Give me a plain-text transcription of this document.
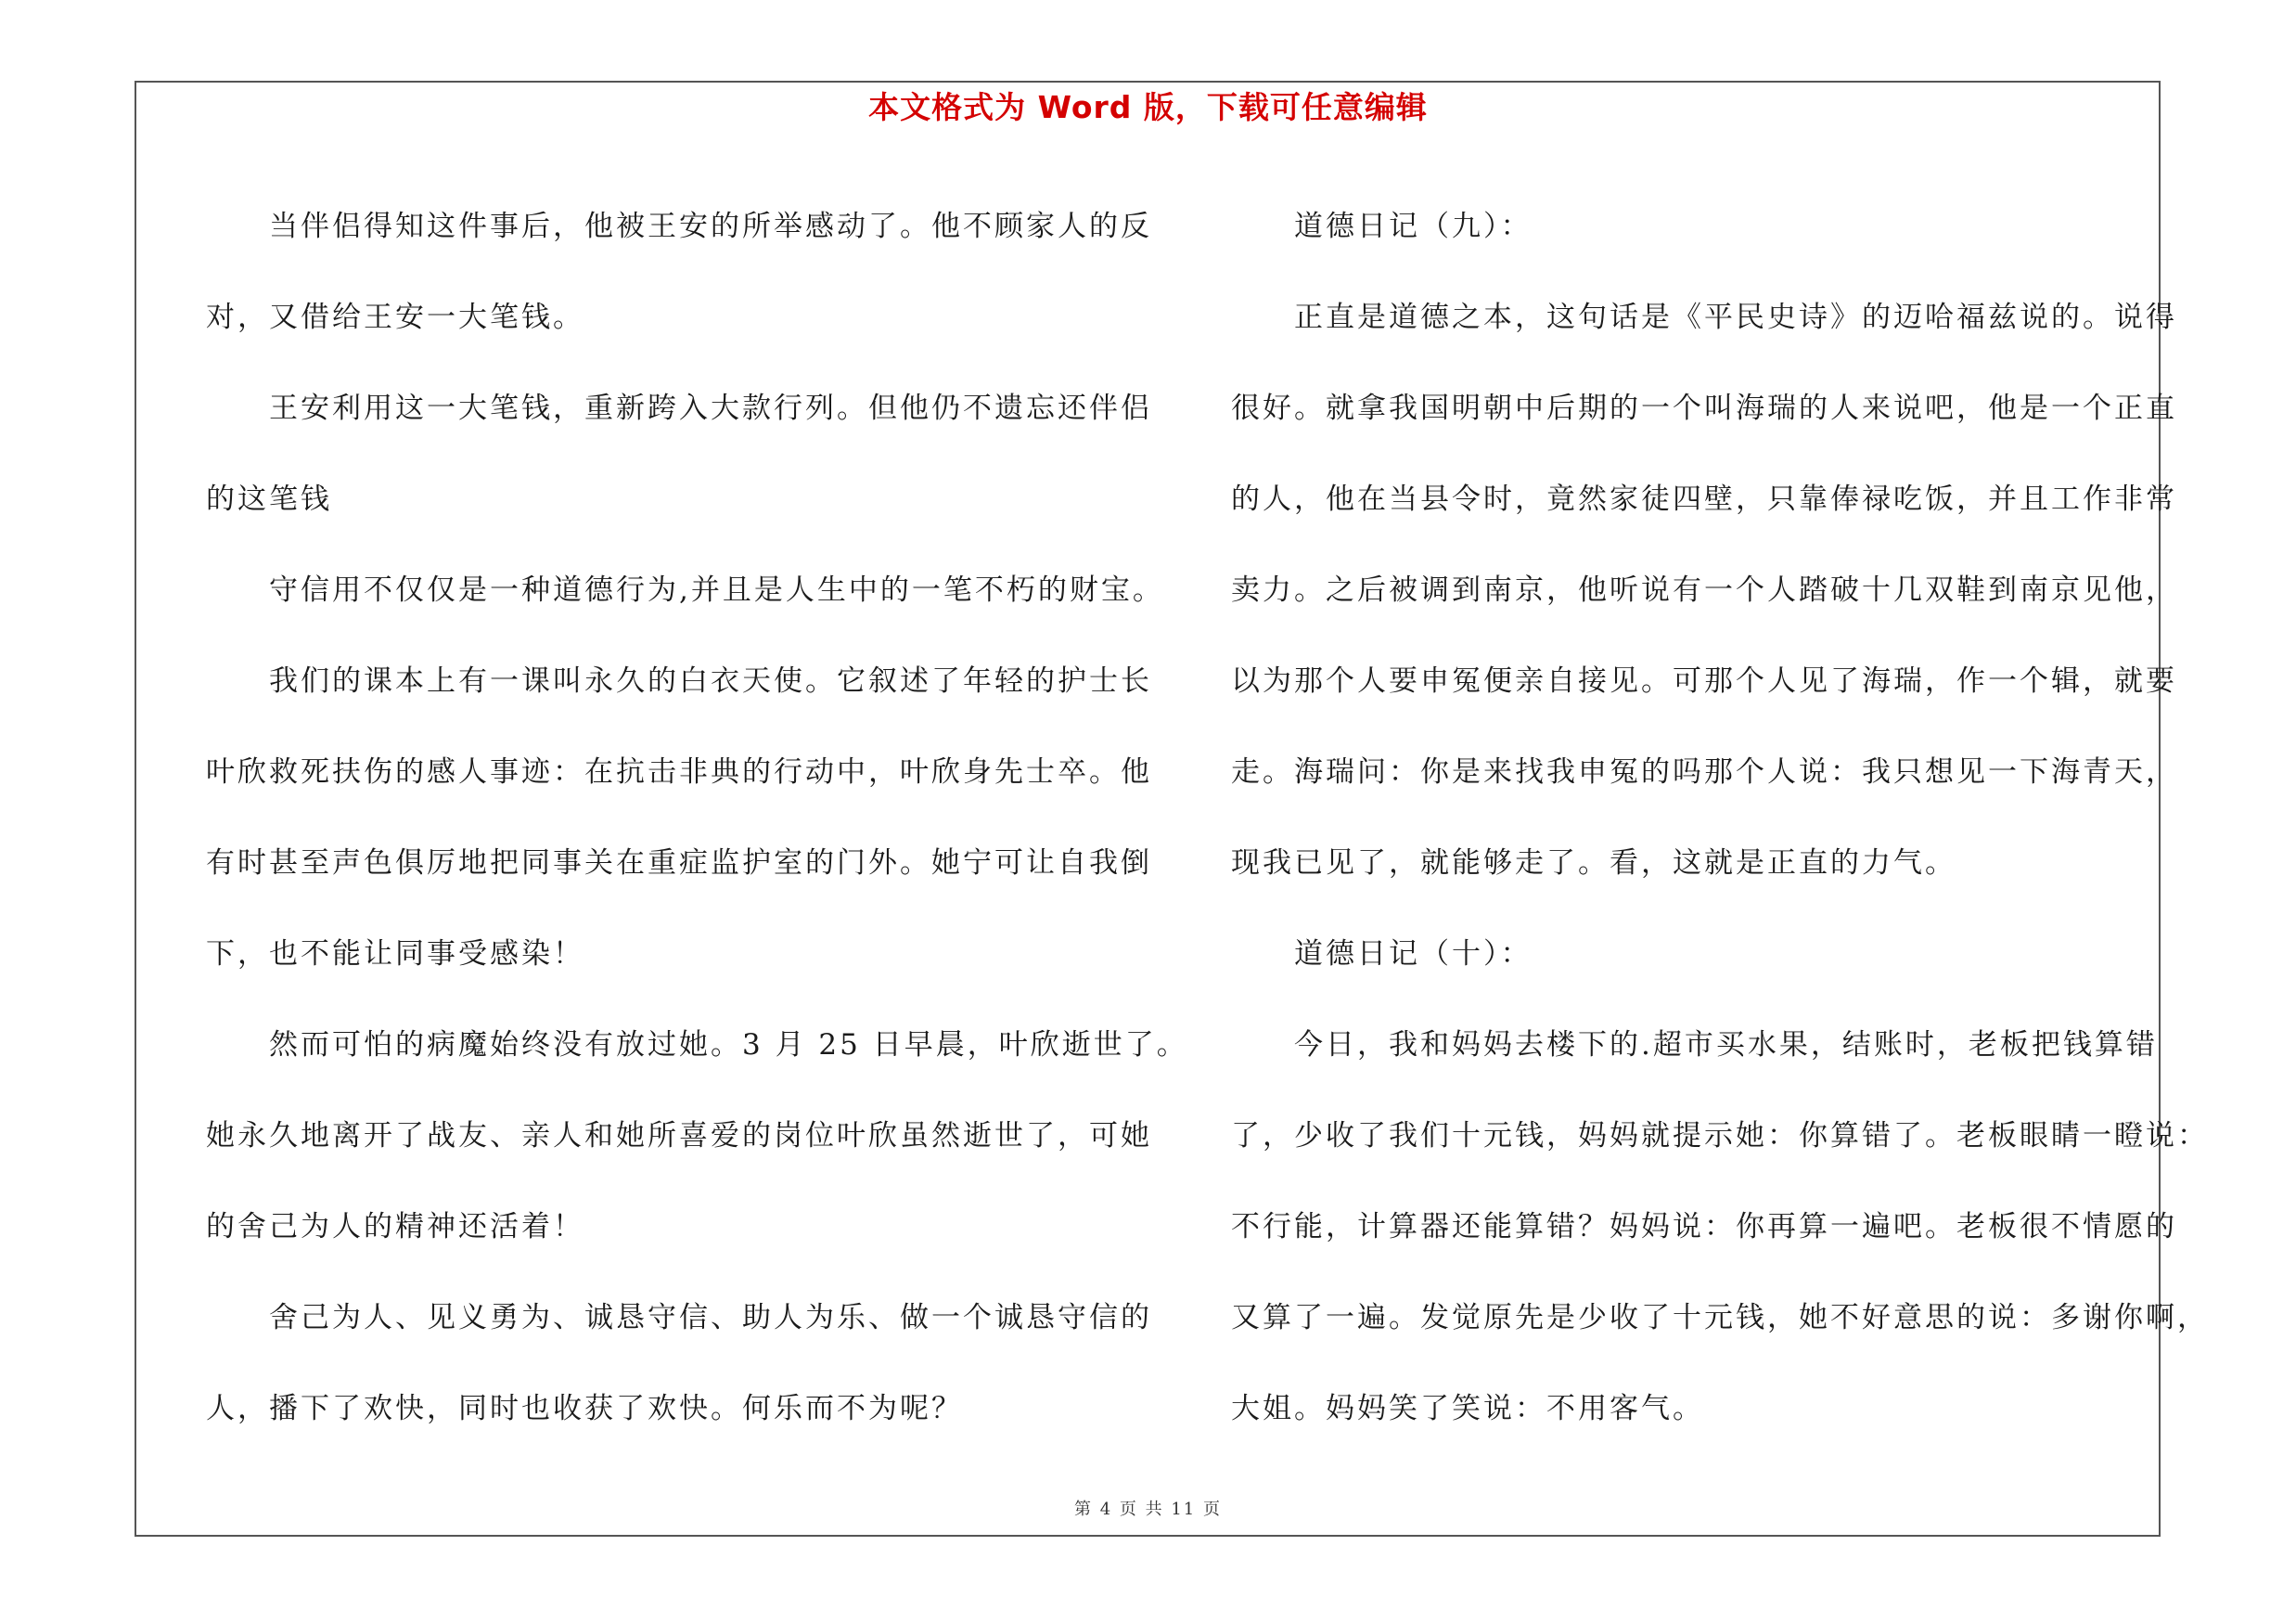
本文格式为 Word 版，下载可任意编辑
　　当伴侣得知这件事后，他被王安的所举感动了。他不顾家人的反
对，又借给王安一大笔钱。
　　王安利用这一大笔钱，重新跨入大款行列。但他仍不遗忘还伴侣
的这笔钱
　　守信用不仅仅是一种道德行为,并且是人生中的一笔不朽的财宝。
　　我们的课本上有一课叫永久的白衣天使。它叙述了年轻的护士长
叶欣救死扶伤的感人事迹：在抗击非典的行动中，叶欣身先士卒。他
有时甚至声色俱厉地把同事关在重症监护室的门外。她宁可让自我倒
下，也不能让同事受感染！
　　然而可怕的病魔始终没有放过她。3 月 25 日早晨，叶欣逝世了。
她永久地离开了战友、亲人和她所喜爱的岗位叶欣虽然逝世了，可她
的舍己为人的精神还活着！
　　舍己为人、见义勇为、诚恳守信、助人为乐、做一个诚恳守信的
人，播下了欢快，同时也收获了欢快。何乐而不为呢？
　　道德日记（九）：
　　正直是道德之本，这句话是《平民史诗》的迈哈福兹说的。说得
很好。就拿我国明朝中后期的一个叫海瑞的人来说吧，他是一个正直
的人，他在当县令时，竟然家徒四壁，只靠俸禄吃饭，并且工作非常
卖力。之后被调到南京，他听说有一个人踏破十几双鞋到南京见他，
以为那个人要申冤便亲自接见。可那个人见了海瑞，作一个辑，就要
走。海瑞问：你是来找我申冤的吗那个人说：我只想见一下海青天，
现我已见了，就能够走了。看，这就是正直的力气。
　　道德日记（十）：
　　今日，我和妈妈去楼下的.超市买水果，结账时，老板把钱算错
了，少收了我们十元钱，妈妈就提示她：你算错了。老板眼睛一瞪说：
不行能，计算器还能算错？妈妈说：你再算一遍吧。老板很不情愿的
又算了一遍。发觉原先是少收了十元钱，她不好意思的说：多谢你啊，
大姐。妈妈笑了笑说：不用客气。
第 4 页 共 11 页
